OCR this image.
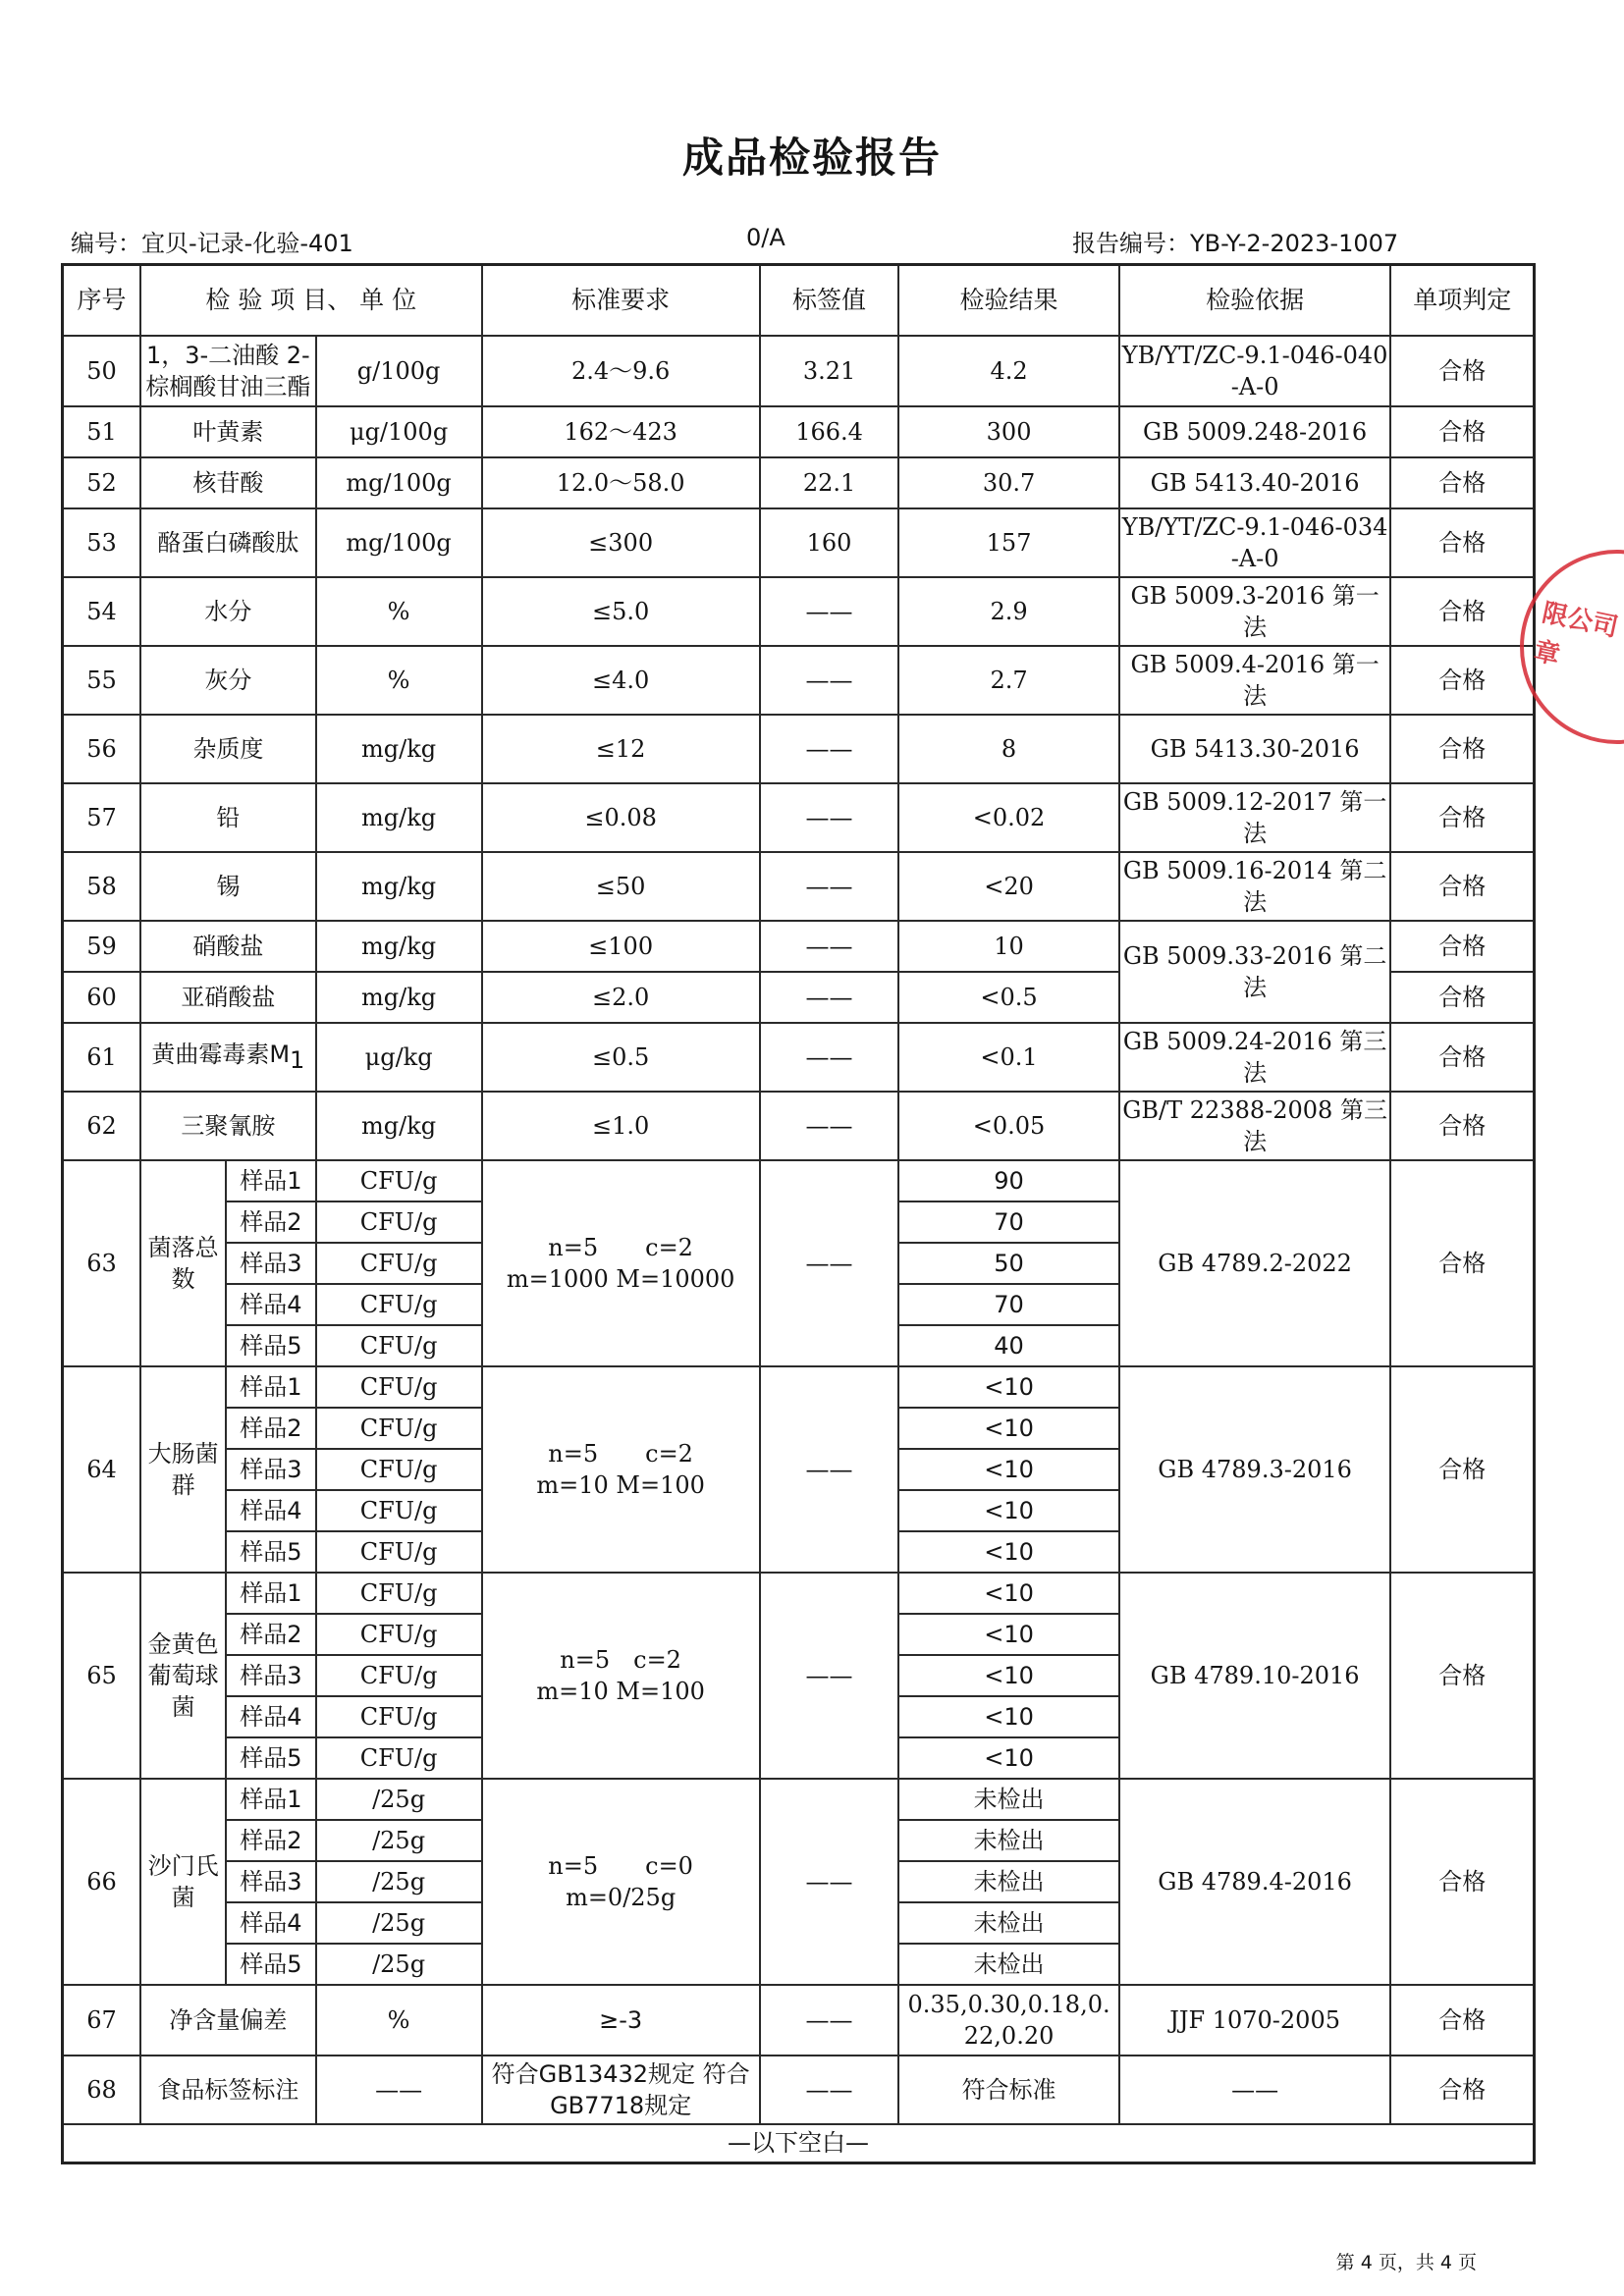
成品检验报告
编号：宜贝-记录-化验-401	0/A	报告编号：YB-Y-2-2023-1007
序号	检 验 项 目、 单 位			标准要求	标签值	检验结果	检验依据	单项判定
50	1，3-二油酸 2-棕榈酸甘油三酯		g/100g	2.4～9.6	3.21	4.2	YB/YT/ZC-9.1-046-040-A-0	合格
51	叶黄素		μg/100g	162～423	166.4	300	GB 5009.248-2016	合格
52	核苷酸		mg/100g	12.0～58.0	22.1	30.7	GB 5413.40-2016	合格
53	酪蛋白磷酸肽		mg/100g	≤300	160	157	YB/YT/ZC-9.1-046-034-A-0	合格
54	水分		%	≤5.0	——	2.9	GB 5009.3-2016 第一法	合格
55	灰分		%	≤4.0	——	2.7	GB 5009.4-2016 第一法	合格
56	杂质度		mg/kg	≤12	——	8	GB 5413.30-2016	合格
57	铅		mg/kg	≤0.08	——	<0.02	GB 5009.12-2017 第一法	合格
58	锡		mg/kg	≤50	——	<20	GB 5009.16-2014 第二法	合格
59	硝酸盐		mg/kg	≤100	——	10	GB 5009.33-2016 第二法	合格
60	亚硝酸盐		mg/kg	≤2.0	——	<0.5		合格
61	黄曲霉毒素$M_1$		μg/kg	≤0.5	——	<0.1	GB 5009.24-2016 第三法	合格
62	三聚氰胺		mg/kg	≤1.0	——	<0.05	GB/T 22388-2008 第三法	合格
63	菌落总数	样品1	CFU/g	n=5　　c=2
m=1000 M=10000	——	90	GB 4789.2-2022	合格
		样品2	CFU/g			70		
		样品3	CFU/g			50		
		样品4	CFU/g			70		
		样品5	CFU/g			40		
64	大肠菌群	样品1	CFU/g	n=5　　c=2
m=10 M=100	——	<10	GB 4789.3-2016	合格
		样品2	CFU/g			<10		
		样品3	CFU/g			<10		
		样品4	CFU/g			<10		
		样品5	CFU/g			<10		
65	金黄色葡萄球菌	样品1	CFU/g	n=5　c=2
m=10 M=100	——	<10	GB 4789.10-2016	合格
		样品2	CFU/g			<10		
		样品3	CFU/g			<10		
		样品4	CFU/g			<10		
		样品5	CFU/g			<10		
66	沙门氏菌	样品1	/25g	n=5　　c=0
m=0/25g	——	未检出	GB 4789.4-2016	合格
		样品2	/25g			未检出		
		样品3	/25g			未检出		
		样品4	/25g			未检出		
		样品5	/25g			未检出		
67	净含量偏差		%	≥-3	——	0.35,0.30,0.18,0.22,0.20	JJF 1070-2005	合格
68	食品标签标注		——	符合GB13432规定 符合GB7718规定	——	符合标准	——	合格
—以下空白—								
限公司 章
第 4 页，共 4 页
